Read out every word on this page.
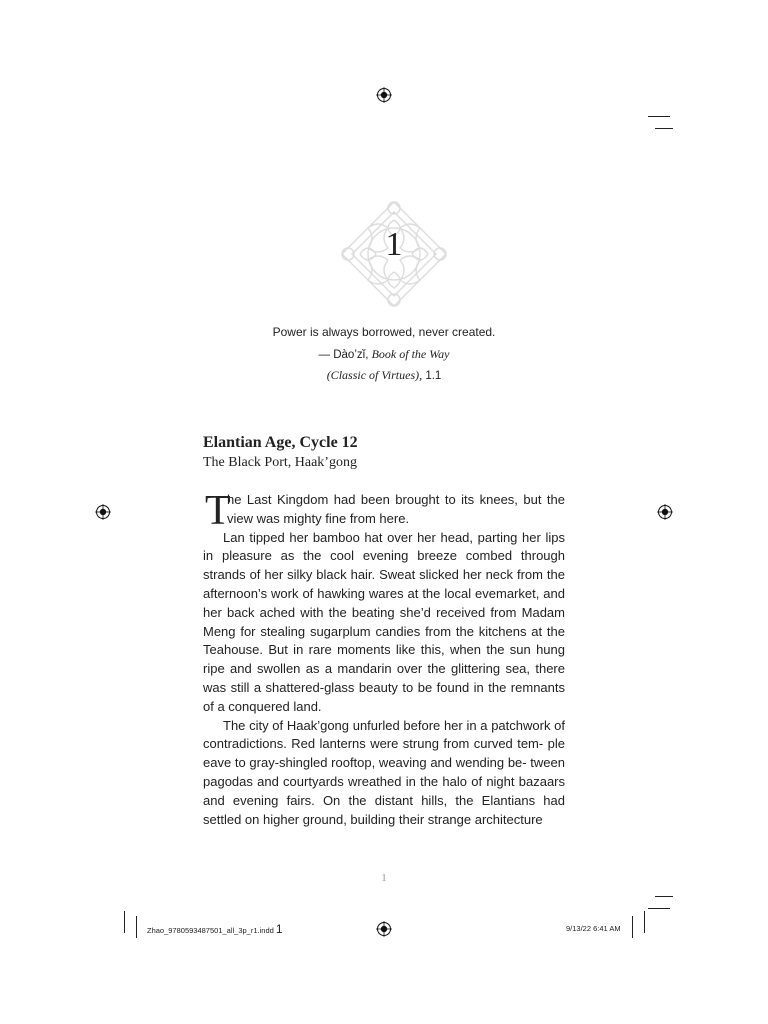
1

Power is always borrowed, never created.

— Dào’zǐ, Book of the Way

(Classic of Virtues), 1.1

Elantian Age, Cycle 12
The Black Port, Haak’gong

T
he Last Kingdom had been brought to its knees, but the view was mighty fine from here.

Lan tipped her bamboo hat over her head, parting her lips in pleasure as the cool evening breeze combed through strands of her silky black hair. Sweat slicked her neck from the afternoon’s work of hawking wares at the local evemarket, and her back ached with the beating she’d received from Madam Meng for stealing sugarplum candies from the kitchens at the Teahouse. But in rare moments like this, when the sun hung ripe and swollen as a mandarin over the glittering sea, there was still a shattered-glass beauty to be found in the remnants of a conquered land.

The city of Haak’gong unfurled before her in a patchwork of contradictions. Red lanterns were strung from curved tem- ple eave to gray-shingled rooftop, weaving and wending be- tween pagodas and courtyards wreathed in the halo of night bazaars and evening fairs. On the distant hills, the Elantians had settled on higher ground, building their strange architecture

1
Zhao_9780593487501_all_3p_r1.indd 1	9/13/22 6:41 AM
